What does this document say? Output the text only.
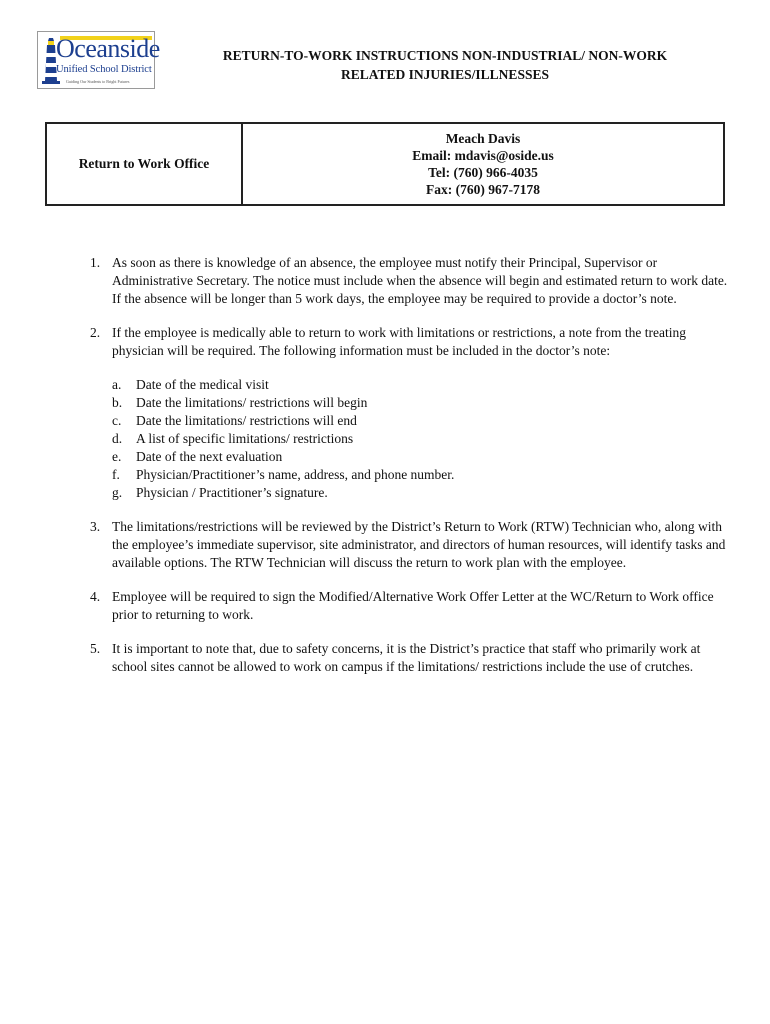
Oceanside
Unified School District
Guiding Our Students to Bright Futures
RETURN-TO-WORK INSTRUCTIONS NON-INDUSTRIAL/ NON-WORK
RELATED INJURIES/ILLNESSES
Return to Work Office	
Meach Davis
Email: mdavis@oside.us
Tel: (760) 966-4035
Fax: (760) 967-7178
1. As soon as there is knowledge of an absence, the employee must notify their Principal, Supervisor or Administrative Secretary. The notice must include when the absence will begin and estimated return to work date. If the absence will be longer than 5 work days, the employee may be required to provide a doctor’s note.
2. If the employee is medically able to return to work with limitations or restrictions, a note from the treating physician will be required. The following information must be included in the doctor’s note:
a. Date of the medical visit
b. Date the limitations/ restrictions will begin
c. Date the limitations/ restrictions will end
d. A list of specific limitations/ restrictions
e. Date of the next evaluation
f. Physician/Practitioner’s name, address, and phone number.
g. Physician / Practitioner’s signature.
3. The limitations/restrictions will be reviewed by the District’s Return to Work (RTW) Technician who, along with the employee’s immediate supervisor, site administrator, and directors of human resources, will identify tasks and available options. The RTW Technician will discuss the return to work plan with the employee.
4. Employee will be required to sign the Modified/Alternative Work Offer Letter at the WC/Return to Work office prior to returning to work.
5. It is important to note that, due to safety concerns, it is the District’s practice that staff who primarily work at school sites cannot be allowed to work on campus if the limitations/ restrictions include the use of crutches.
